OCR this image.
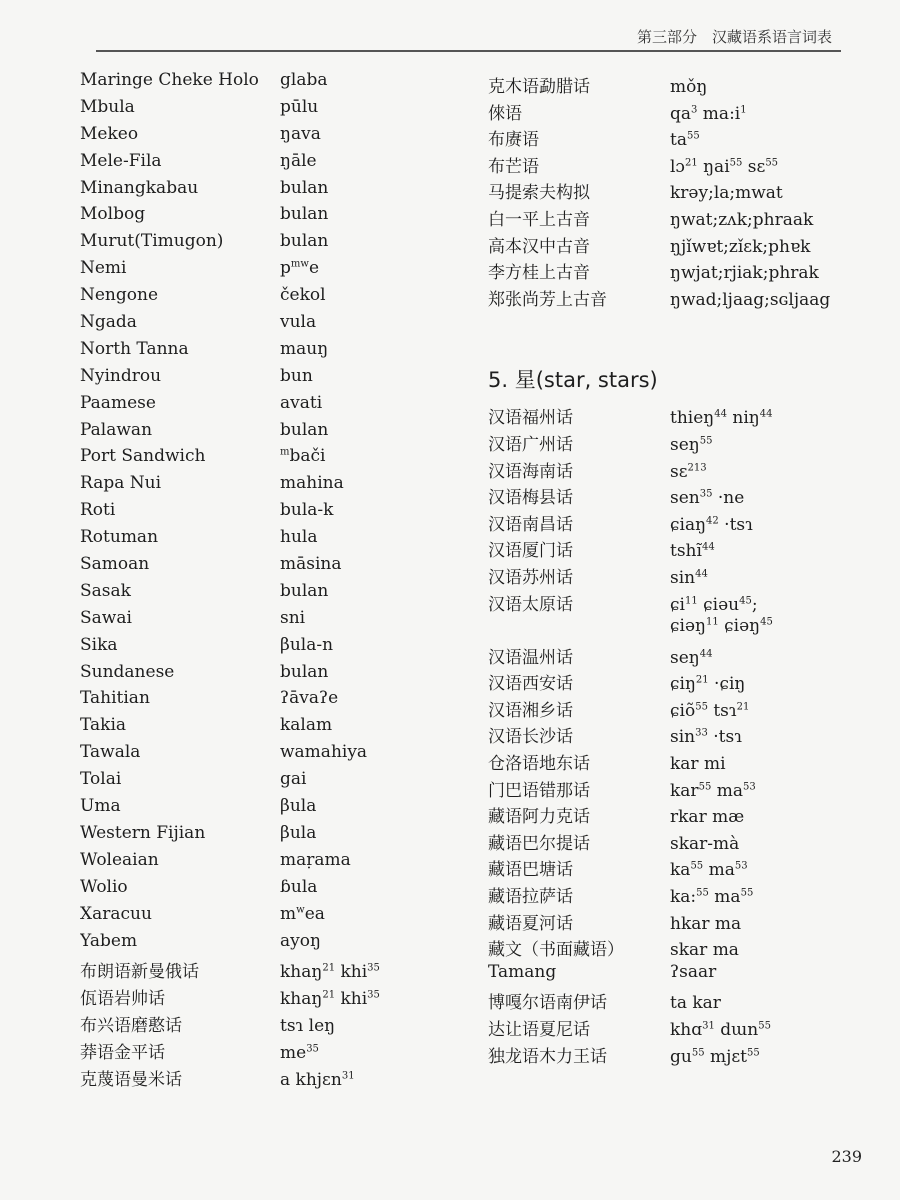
第三部分　汉藏语系语言词表
Maringe Cheke Holo	glaba
Mbula	pūlu
Mekeo	ŋava
Mele-Fila	ŋāle
Minangkabau	bulan
Molbog	bulan
Murut(Timugon)	bulan
Nemi	$p^{mw}e$
Nengone	čekol
Ngada	vula
North Tanna	mauŋ
Nyindrou	bun
Paamese	avati
Palawan	bulan
Port Sandwich	$^m$bači
Rapa Nui	mahina
Roti	bula-k
Rotuman	hula
Samoan	māsina
Sasak	bulan
Sawai	sni
Sika	βula-n
Sundanese	bulan
Tahitian	ʔāvaʔe
Takia	kalam
Tawala	wamahiya
Tolai	gai
Uma	βula
Western Fijian	βula
Woleaian	maṛama
Wolio	ɓula
Xaracuu	$m^wea$
Yabem	ayoŋ
布朗语新曼俄话	khaŋ$^{21}$ khi$^{35}$
佤语岩帅话	khaŋ$^{21}$ khi$^{35}$
布兴语磨憨话	tsɿ leŋ
莽语金平话	$me^{35}$
克蔑语曼米话	a khjɛn$^{31}$
克木语勐腊话	mǒŋ
倈语	$qa^3$ $ma:i^1$
布赓语	$ta^{55}$
布芒语	lɔ$^{21}$ ŋai$^{55}$ sɛ$^{55}$
马提索夫构拟	krəy;la;mwat
白一平上古音	ŋwat;zʌk;phraak
高本汉中古音	ŋjǐwɐt;zǐɛk;phɐk
李方桂上古音	ŋwjat;rjiak;phrak
郑张尚芳上古音	ŋwad;ljaag;sɢljaag
5. 星(star, stars)
汉语福州话	thieŋ$^{44}$ niŋ$^{44}$
汉语广州话	seŋ$^{55}$
汉语海南话	sɛ$^{213}$
汉语梅县话	sen$^{35}$ ·ne
汉语南昌话	ɕiaŋ$^{42}$ ·tsɿ
汉语厦门话	tshĩ$^{44}$
汉语苏州话	$\sin^{44}$
汉语太原话	ɕi$^{11}$ ɕiəu$^{45}$;
ɕiəŋ$^{11}$ ɕiəŋ$^{45}$
汉语温州话	seŋ$^{44}$
汉语西安话	ɕiŋ$^{21}$ ·ɕiŋ
汉语湘乡话	ɕiõ$^{55}$ tsɿ$^{21}$
汉语长沙话	$\sin^{33}$ ·tsɿ
仓洛语地东话	kar mi
门巴语错那话	kar$^{55}$ $ma^{53}$
藏语阿力克话	rkar mæ
藏语巴尔提话	skar-mà
藏语巴塘话	$ka^{55}$ $ma^{53}$
藏语拉萨话	ka:$^{55}$ $ma^{55}$
藏语夏河话	hkar ma
藏文（书面藏语）	skar ma
Tamang	ʔsaar
博嘎尔语南伊话	ta kar
达让语夏尼话	khɑ$^{31}$ dɯn$^{55}$
独龙语木力王话	$gu^{55}$ mjɛt$^{55}$
239
